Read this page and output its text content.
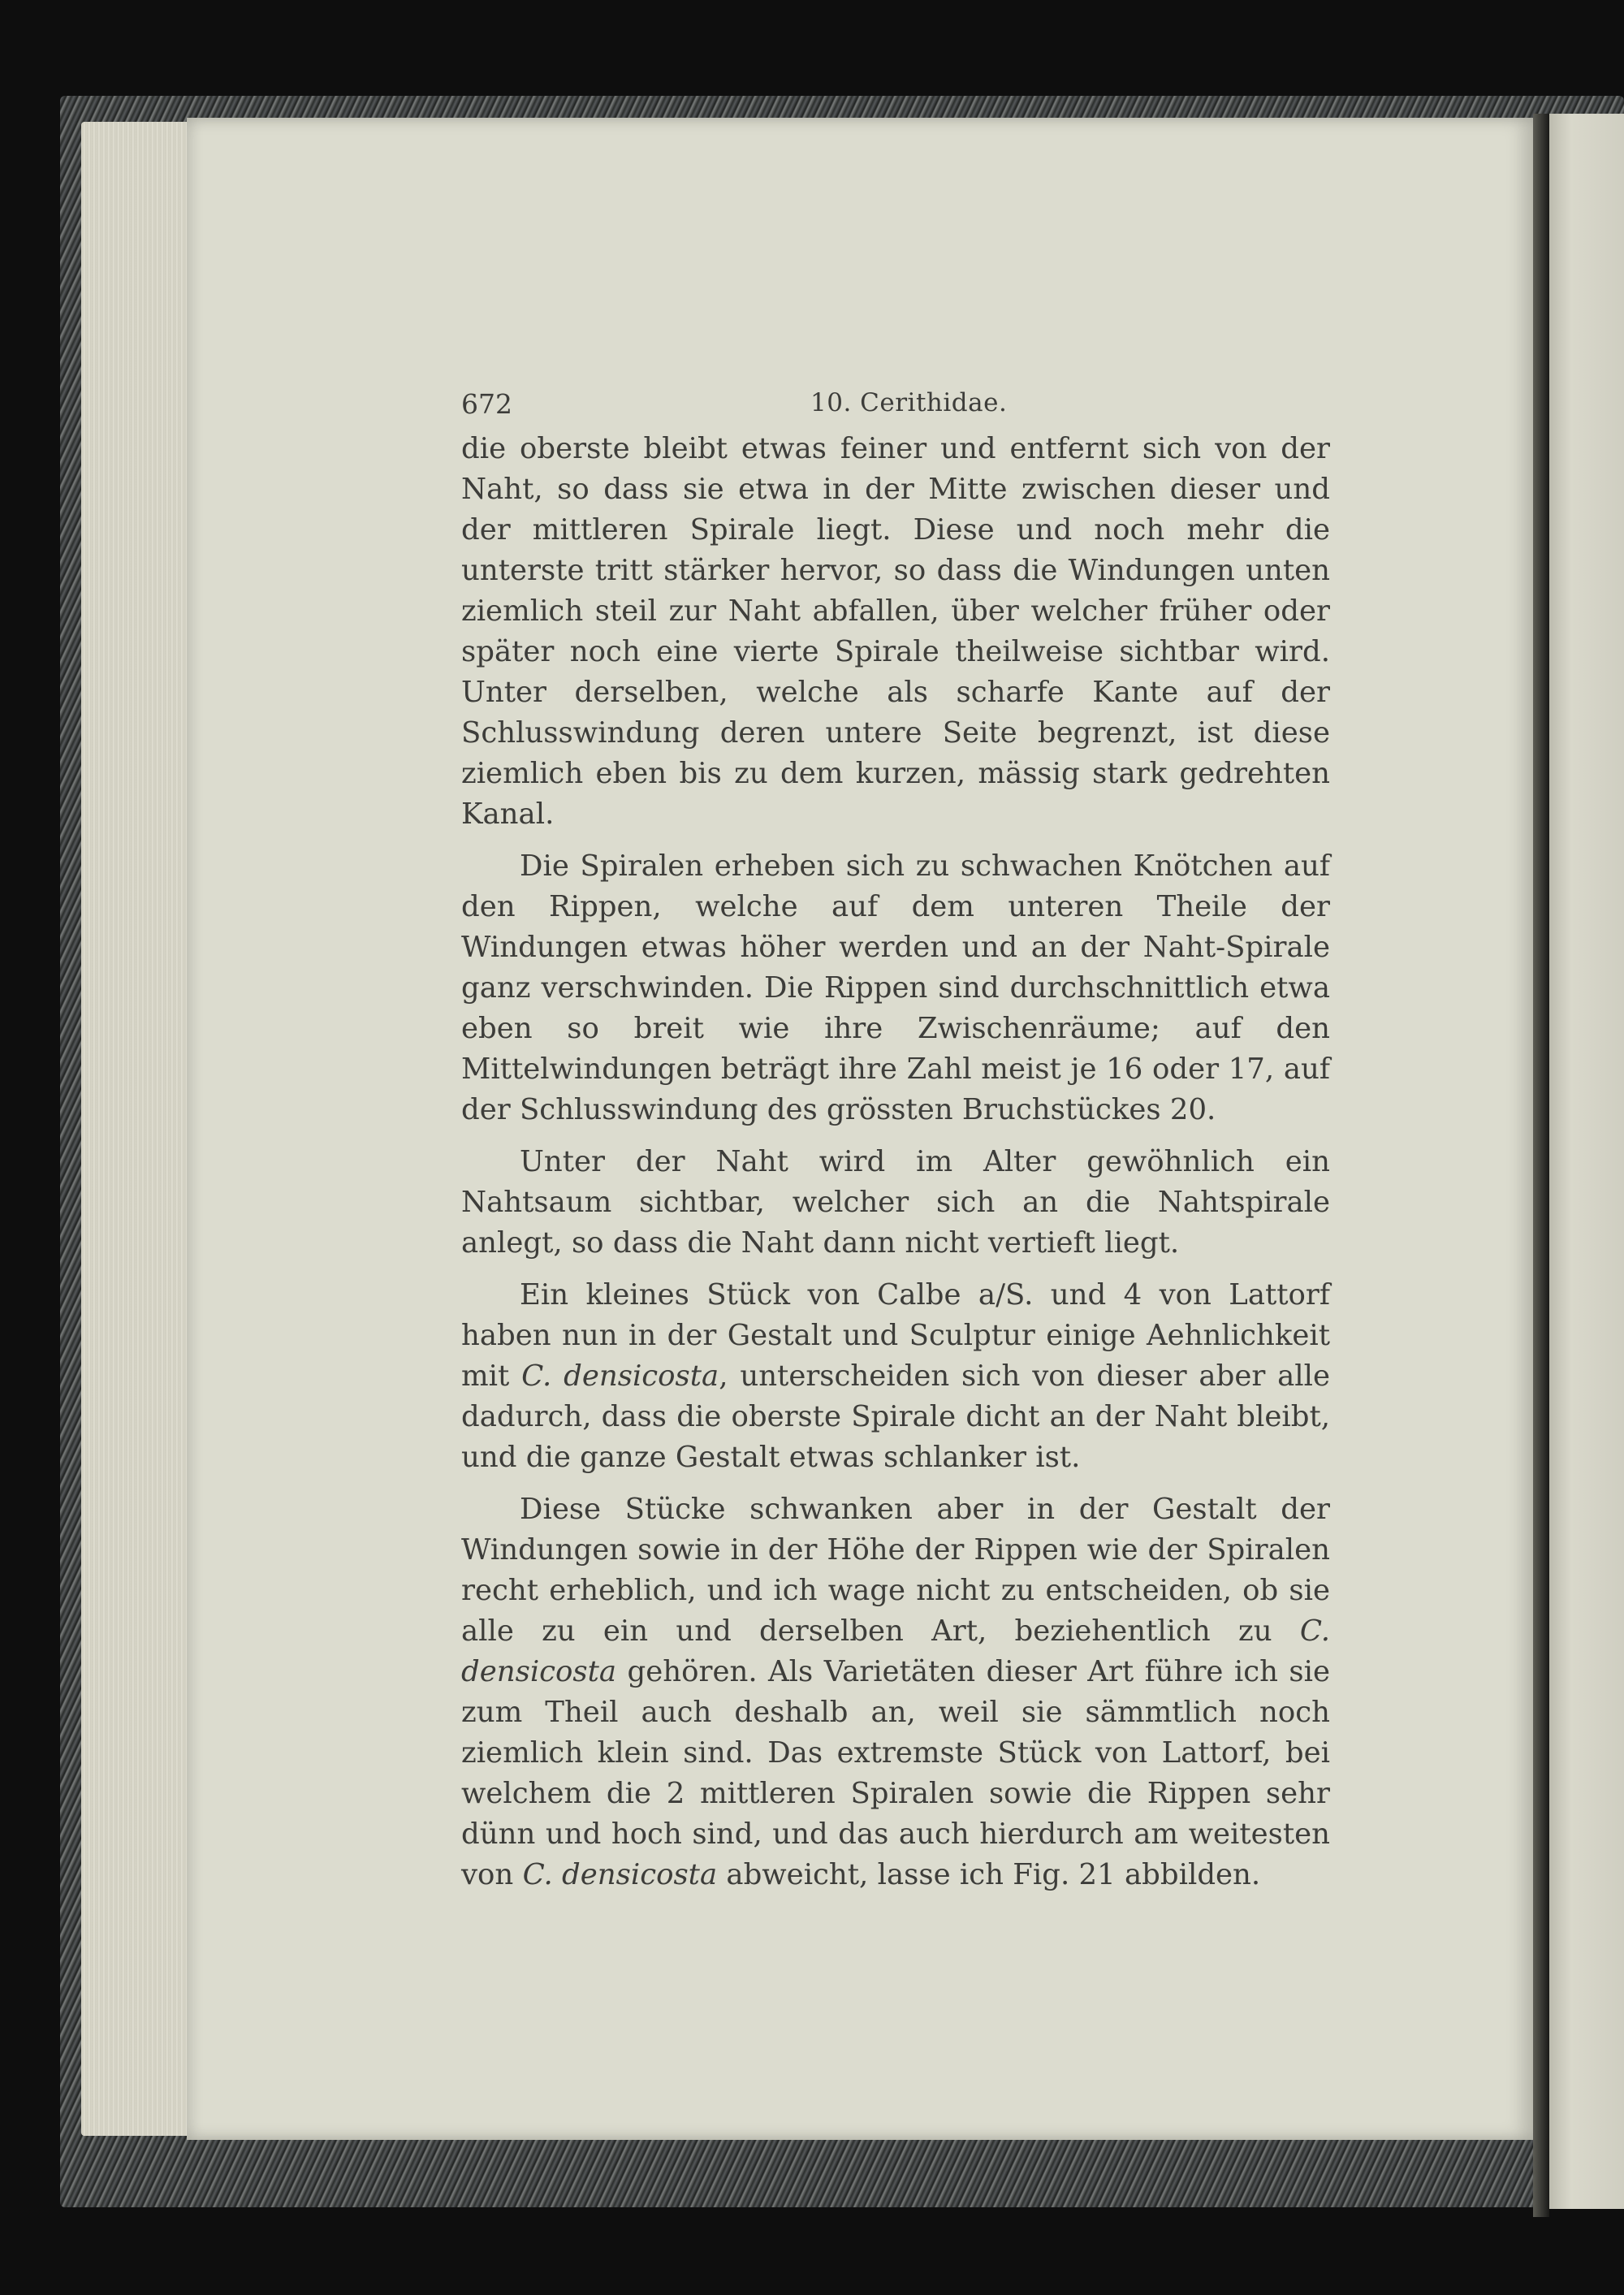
672	10. Cerithidae.

die oberste bleibt etwas feiner und entfernt sich von der Naht, so dass sie etwa in der Mitte zwischen dieser und der mittleren Spirale liegt. Diese und noch mehr die unterste tritt stärker hervor, so dass die Windungen unten ziemlich steil zur Naht abfallen, über welcher früher oder später noch eine vierte Spirale theilweise sichtbar wird. Unter derselben, welche als scharfe Kante auf der Schlusswindung deren untere Seite begrenzt, ist diese ziemlich eben bis zu dem kurzen, mässig stark gedrehten Kanal.

Die Spiralen erheben sich zu schwachen Knötchen auf den Rippen, welche auf dem unteren Theile der Windungen etwas höher werden und an der Naht-Spirale ganz verschwinden. Die Rippen sind durchschnittlich etwa eben so breit wie ihre Zwischenräume; auf den Mittelwindungen beträgt ihre Zahl meist je 16 oder 17, auf der Schlusswindung des grössten Bruchstückes 20.

Unter der Naht wird im Alter gewöhnlich ein Nahtsaum sichtbar, welcher sich an die Nahtspirale anlegt, so dass die Naht dann nicht vertieft liegt.

Ein kleines Stück von Calbe a/S. und 4 von Lattorf haben nun in der Gestalt und Sculptur einige Aehnlichkeit mit C. densicosta, unterscheiden sich von dieser aber alle dadurch, dass die oberste Spirale dicht an der Naht bleibt, und die ganze Gestalt etwas schlanker ist.

Diese Stücke schwanken aber in der Gestalt der Windungen sowie in der Höhe der Rippen wie der Spiralen recht erheblich, und ich wage nicht zu entscheiden, ob sie alle zu ein und derselben Art, beziehentlich zu C. densicosta gehören. Als Varietäten dieser Art führe ich sie zum Theil auch deshalb an, weil sie sämmtlich noch ziemlich klein sind. Das extremste Stück von Lattorf, bei welchem die 2 mittleren Spiralen sowie die Rippen sehr dünn und hoch sind, und das auch hierdurch am weitesten von C. densicosta abweicht, lasse ich Fig. 21 abbilden.
